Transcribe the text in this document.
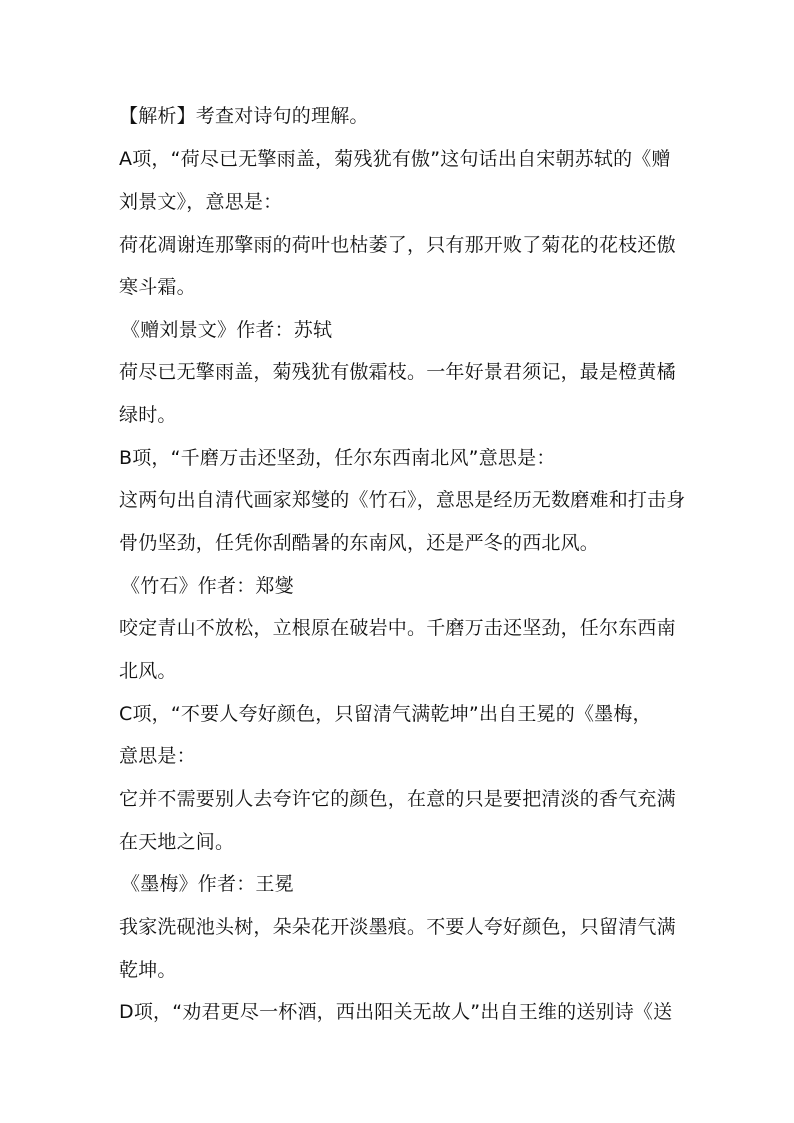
【解析】考查对诗句的理解。
A项，“荷尽已无擎雨盖，菊残犹有傲”这句话出自宋朝苏轼的《赠
刘景文》，意思是：
荷花凋谢连那擎雨的荷叶也枯萎了，只有那开败了菊花的花枝还傲
寒斗霜。
《赠刘景文》作者：苏轼
荷尽已无擎雨盖，菊残犹有傲霜枝。一年好景君须记，最是橙黄橘
绿时。
B项，“千磨万击还坚劲，任尔东西南北风”意思是：
这两句出自清代画家郑燮的《竹石》，意思是经历无数磨难和打击身
骨仍坚劲，任凭你刮酷暑的东南风，还是严冬的西北风。
《竹石》作者：郑燮
咬定青山不放松，立根原在破岩中。千磨万击还坚劲，任尔东西南
北风。
C项，“不要人夸好颜色，只留清气满乾坤”出自王冕的《墨梅，
意思是：
它并不需要别人去夸许它的颜色，在意的只是要把清淡的香气充满
在天地之间。
《墨梅》作者：王冕
我家洗砚池头树，朵朵花开淡墨痕。不要人夸好颜色，只留清气满
乾坤。
D项，“劝君更尽一杯酒，西出阳关无故人”出自王维的送别诗《送
